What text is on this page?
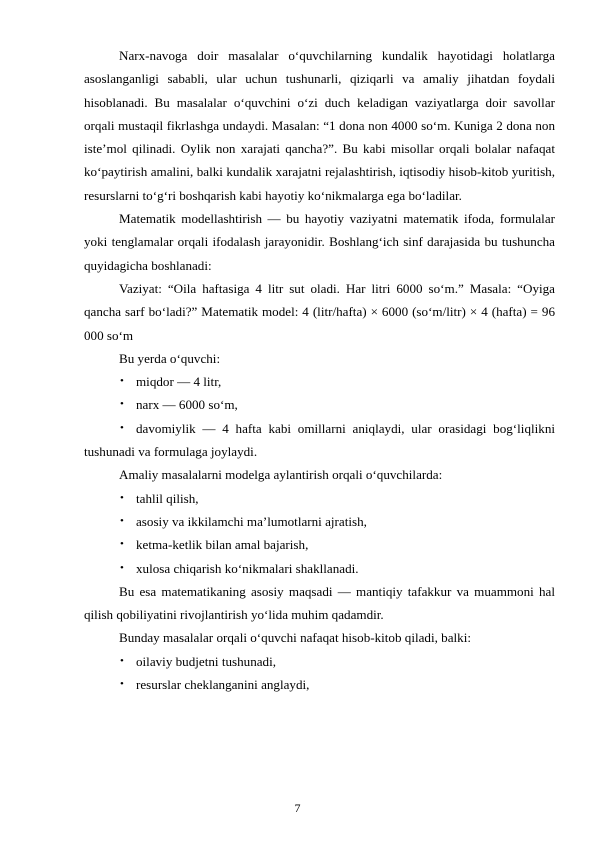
Narx-navoga doir masalalar o‘quvchilarning kundalik hayotidagi holatlarga asoslanganligi sababli, ular uchun tushunarli, qiziqarli va amaliy jihatdan foydali hisoblanadi. Bu masalalar o‘quvchini o‘zi duch keladigan vaziyatlarga doir savollar orqali mustaqil fikrlashga undaydi. Masalan: “1 dona non 4000 so‘m. Kuniga 2 dona non iste’mol qilinadi. Oylik non xarajati qancha?”. Bu kabi misollar orqali bolalar nafaqat ko‘paytirish amalini, balki kundalik xarajatni rejalashtirish, iqtisodiy hisob-kitob yuritish, resurslarni to‘g‘ri boshqarish kabi hayotiy ko‘nikmalarga ega bo‘ladilar.

Matematik modellashtirish — bu hayotiy vaziyatni matematik ifoda, formulalar yoki tenglamalar orqali ifodalash jarayonidir. Boshlang‘ich sinf darajasida bu tushuncha quyidagicha boshlanadi:

Vaziyat: “Oila haftasiga 4 litr sut oladi. Har litri 6000 so‘m.” Masala: “Oyiga qancha sarf bo‘ladi?” Matematik model: 4 (litr/hafta) × 6000 (so‘m/litr) × 4 (hafta) = 96 000 so‘m

Bu yerda o‘quvchi:

• miqdor — 4 litr,
• narx — 6000 so‘m,
• davomiylik — 4 hafta kabi omillarni aniqlaydi, ular orasidagi bog‘liqlikni tushunadi va formulaga joylaydi.

Amaliy masalalarni modelga aylantirish orqali o‘quvchilarda:

• tahlil qilish,
• asosiy va ikkilamchi ma’lumotlarni ajratish,
• ketma-ketlik bilan amal bajarish,
• xulosa chiqarish ko‘nikmalari shakllanadi.

Bu esa matematikaning asosiy maqsadi — mantiqiy tafakkur va muammoni hal qilish qobiliyatini rivojlantirish yo‘lida muhim qadamdir.

Bunday masalalar orqali o‘quvchi nafaqat hisob-kitob qiladi, balki:

• oilaviy budjetni tushunadi,
• resurslar cheklanganini anglaydi,
7
